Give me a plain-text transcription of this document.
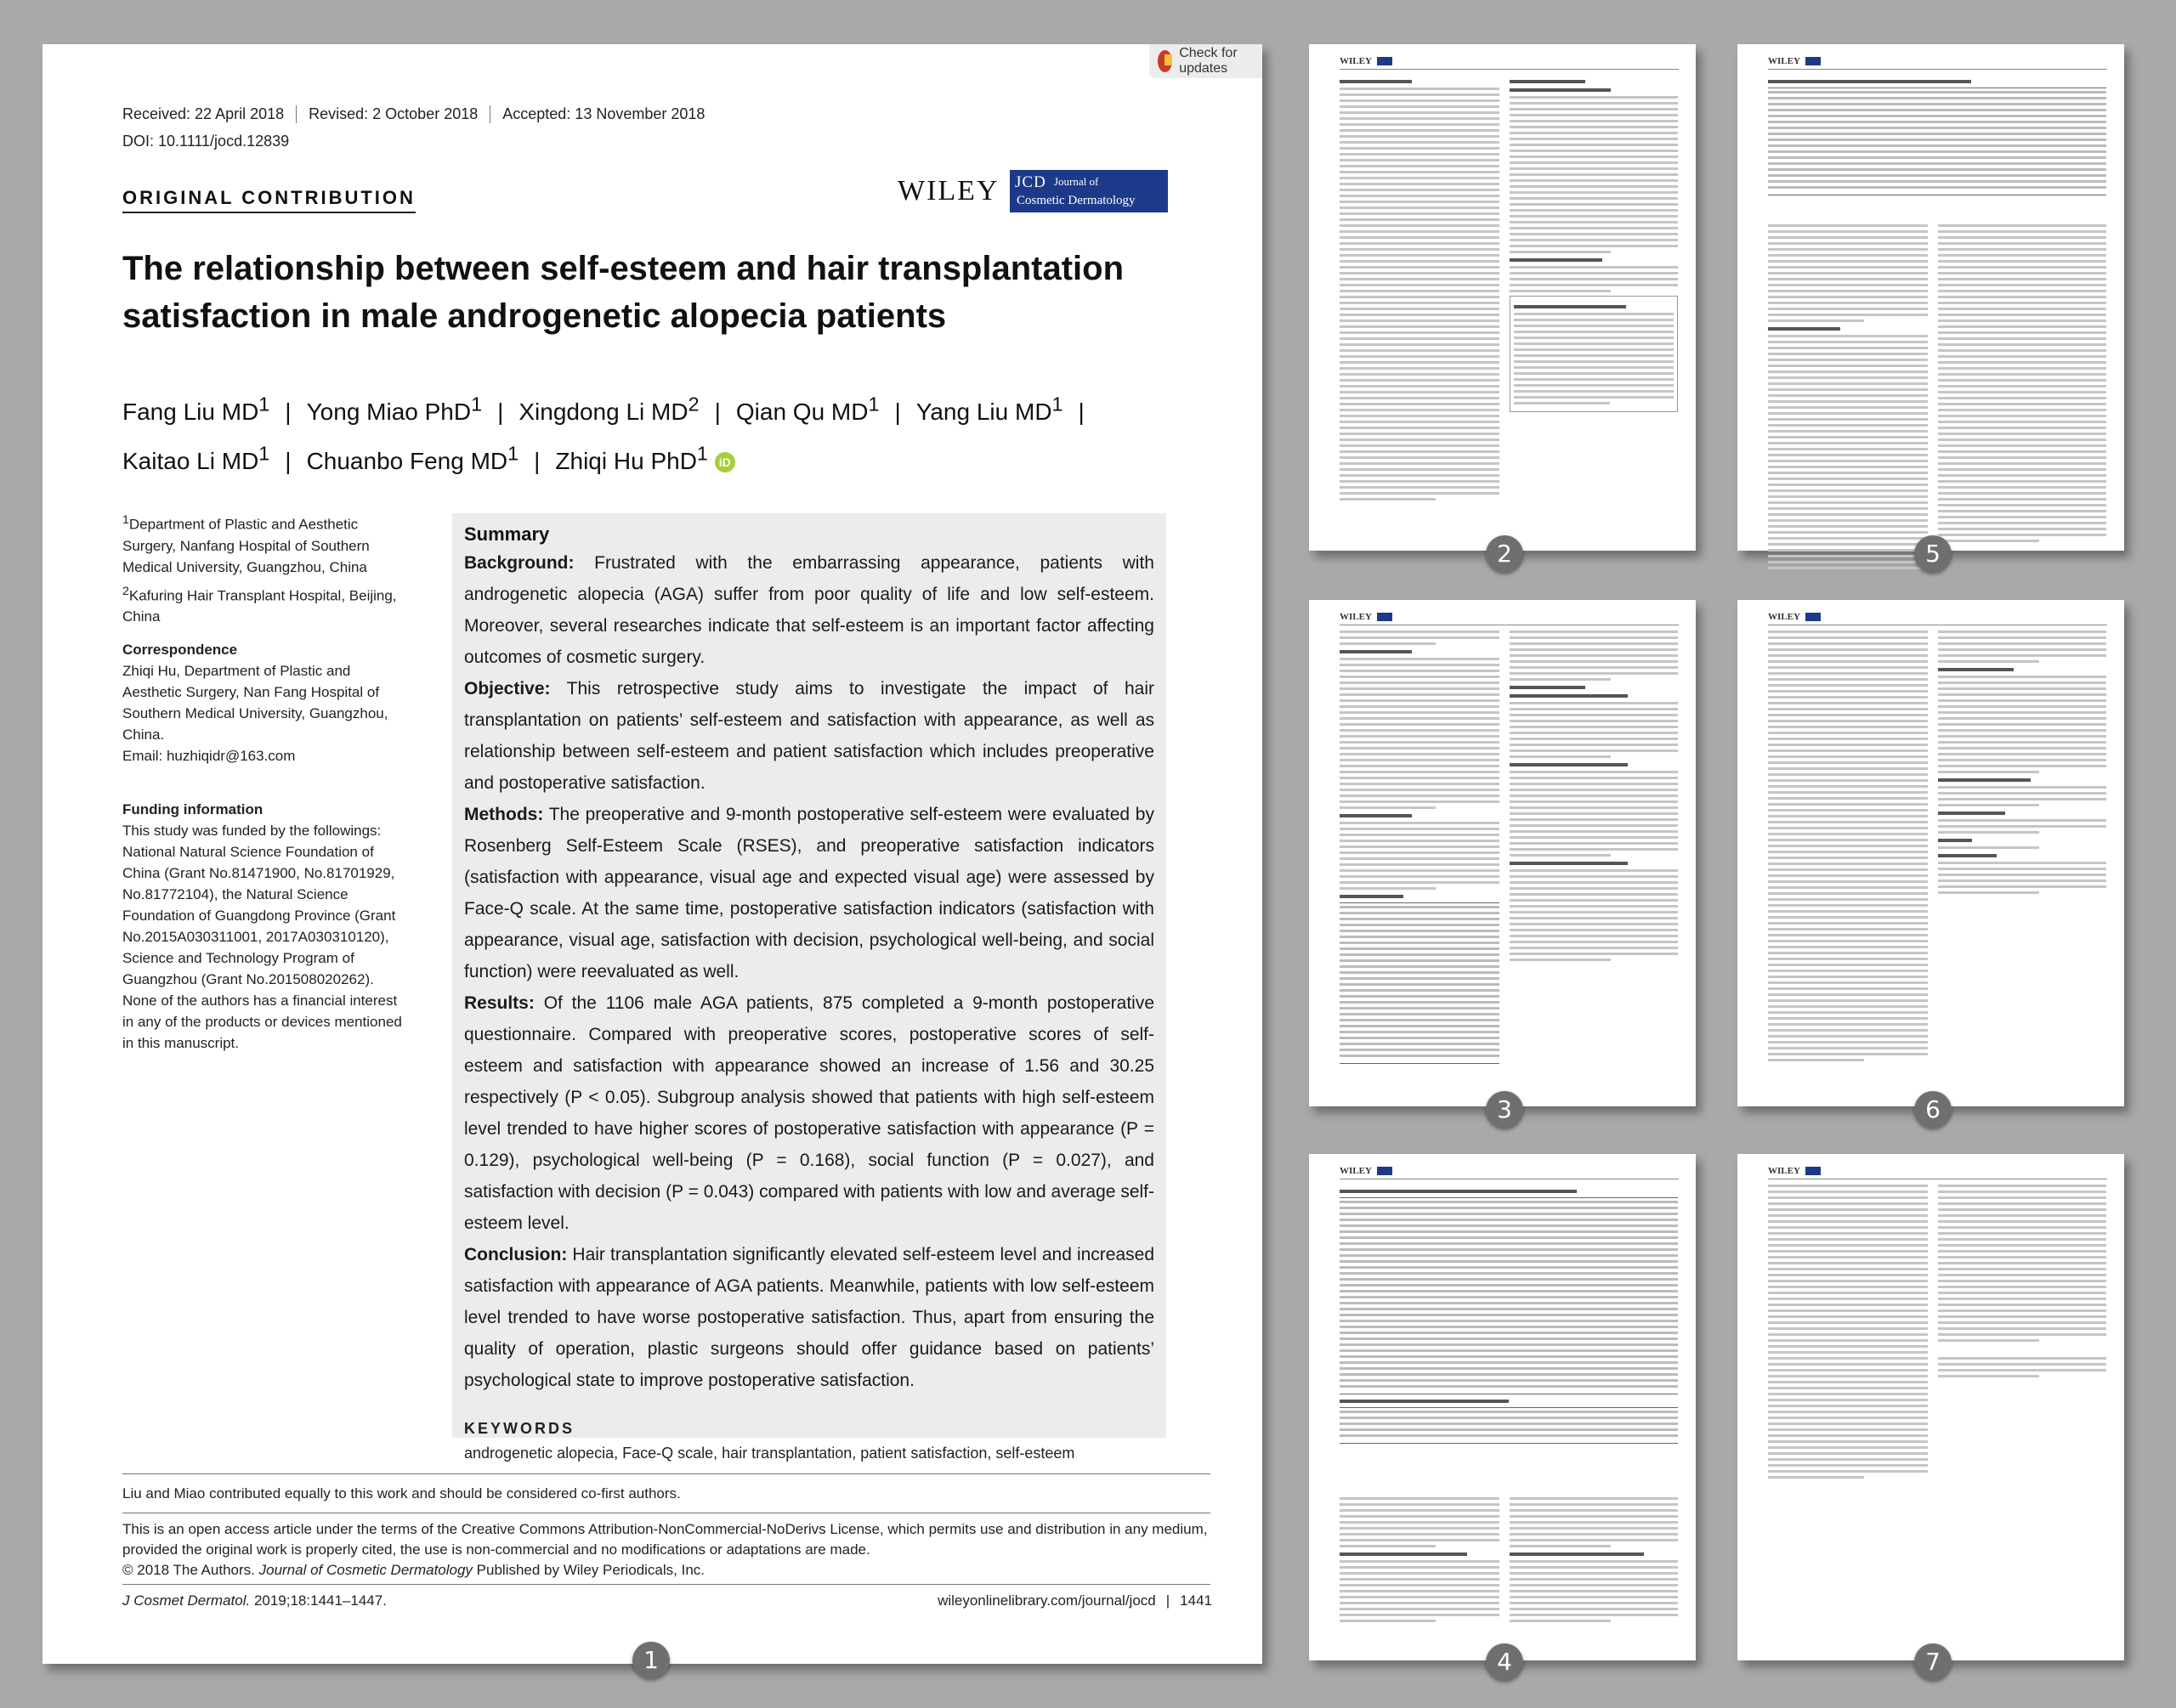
Check for updates
Received: 22 April 2018	Revised: 2 October 2018	Accepted: 13 November 2018
DOI: 10.1111/jocd.12839
ORIGINAL CONTRIBUTION	WILEY JCD Journal of
Cosmetic Dermatology
The relationship between self-esteem and hair transplantation satisfaction in male androgenetic alopecia patients
Fang Liu $MD^1$ | Yong Miao PhD$^1$ | Xingdong Li $MD^2$ | Qian Qu $MD^1$ | Yang Liu $MD^1$ |
Kaitao Li $MD^1$ | Chuanbo Feng $MD^1$ | Zhiqi Hu PhD$^1$ iD
$^1$Department of Plastic and Aesthetic Surgery, Nanfang Hospital of Southern Medical University, Guangzhou, China
$^2$Kafuring Hair Transplant Hospital, Beijing, China
Correspondence
Zhiqi Hu, Department of Plastic and Aesthetic Surgery, Nan Fang Hospital of Southern Medical University, Guangzhou, China.
Email: huzhiqidr@163.com
Funding information
This study was funded by the followings: National Natural Science Foundation of China (Grant No.81471900, No.81701929, No.81772104), the Natural Science Foundation of Guangdong Province (Grant No.2015A030311001, 2017A030310120), Science and Technology Program of Guangzhou (Grant No.201508020262). None of the authors has a financial interest in any of the products or devices mentioned in this manuscript.
Summary

Background: Frustrated with the embarrassing appearance, patients with androgenetic alopecia (AGA) suffer from poor quality of life and low self-esteem. Moreover, several researches indicate that self-esteem is an important factor affecting outcomes of cosmetic surgery.

Objective: This retrospective study aims to investigate the impact of hair transplantation on patients’ self-esteem and satisfaction with appearance, as well as relationship between self-esteem and patient satisfaction which includes preoperative and postoperative satisfaction.

Methods: The preoperative and 9-month postoperative self-esteem were evaluated by Rosenberg Self-Esteem Scale (RSES), and preoperative satisfaction indicators (satisfaction with appearance, visual age and expected visual age) were assessed by Face-Q scale. At the same time, postoperative satisfaction indicators (satisfaction with appearance, visual age, satisfaction with decision, psychological well-being, and social function) were reevaluated as well.

Results: Of the 1106 male AGA patients, 875 completed a 9-month postoperative questionnaire. Compared with preoperative scores, postoperative scores of self-esteem and satisfaction with appearance showed an increase of 1.56 and 30.25 respectively (P < 0.05). Subgroup analysis showed that patients with high self-esteem level trended to have higher scores of postoperative satisfaction with appearance (P = 0.129), psychological well-being (P = 0.168), social function (P = 0.027), and satisfaction with decision (P = 0.043) compared with patients with low and average self-esteem level.

Conclusion: Hair transplantation significantly elevated self-esteem level and increased satisfaction with appearance of AGA patients. Meanwhile, patients with low self-esteem level trended to have worse postoperative satisfaction. Thus, apart from ensuring the quality of operation, plastic surgeons should offer guidance based on patients’ psychological state to improve postoperative satisfaction.

KEYWORDS
androgenetic alopecia, Face-Q scale, hair transplantation, patient satisfaction, self-esteem
Liu and Miao contributed equally to this work and should be considered co-first authors.
This is an open access article under the terms of the Creative Commons Attribution-NonCommercial-NoDerivs License, which permits use and distribution in any medium, provided the original work is properly cited, the use is non-commercial and no modifications or adaptations are made.
© 2018 The Authors. Journal of Cosmetic Dermatology Published by Wiley Periodicals, Inc.
J Cosmet Dermatol. 2019;18:1441–1447.	wileyonlinelibrary.com/journal/jocd | 1441
1
WILEY
2
WILEY
5
WILEY
3
WILEY
6
WILEY
4
WILEY
7
